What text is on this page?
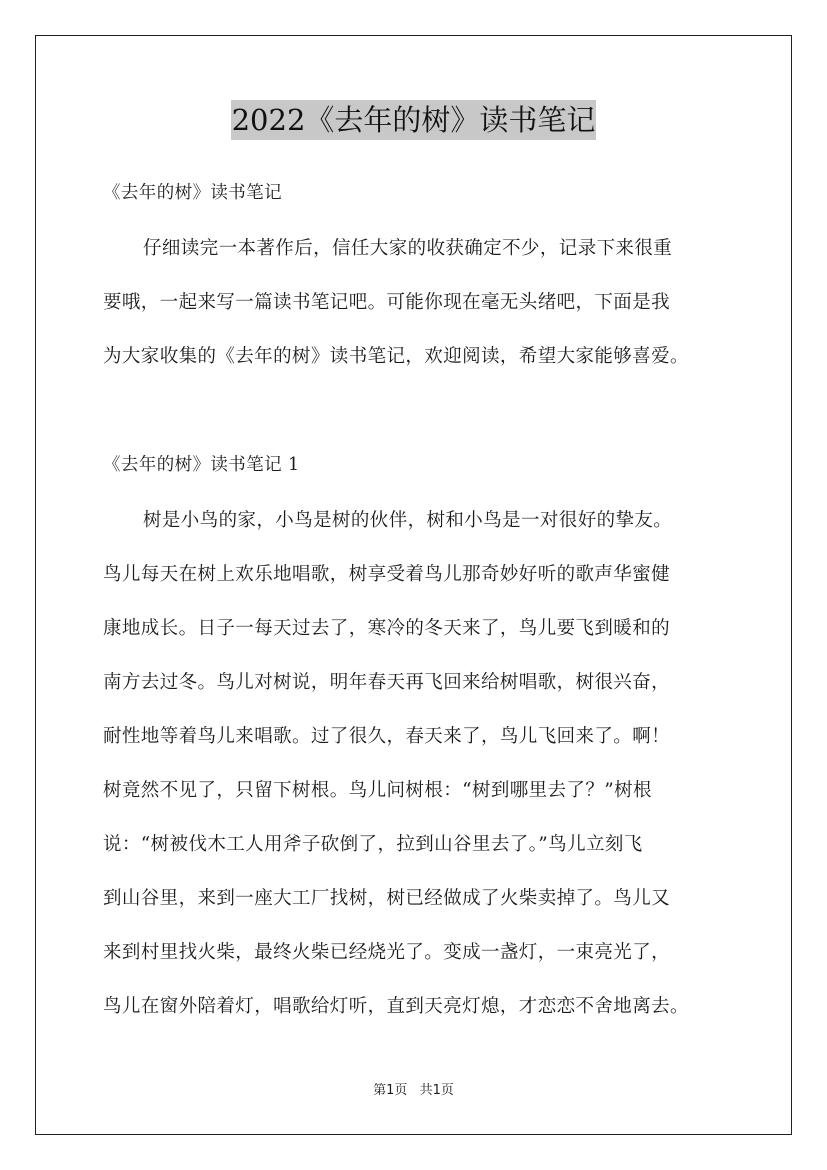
2022《去年的树》读书笔记
《去年的树》读书笔记
仔细读完一本著作后，信任大家的收获确定不少，记录下来很重
要哦，一起来写一篇读书笔记吧。可能你现在毫无头绪吧，下面是我
为大家收集的《去年的树》读书笔记，欢迎阅读，希望大家能够喜爱。
《去年的树》读书笔记 1
树是小鸟的家，小鸟是树的伙伴，树和小鸟是一对很好的挚友。
鸟儿每天在树上欢乐地唱歌，树享受着鸟儿那奇妙好听的歌声华蜜健
康地成长。日子一每天过去了，寒冷的冬天来了，鸟儿要飞到暖和的
南方去过冬。鸟儿对树说，明年春天再飞回来给树唱歌，树很兴奋，
耐性地等着鸟儿来唱歌。过了很久，春天来了，鸟儿飞回来了。啊！
树竟然不见了，只留下树根。鸟儿问树根：“树到哪里去了？”树根
说：“树被伐木工人用斧子砍倒了，拉到山谷里去了。”鸟儿立刻飞
到山谷里，来到一座大工厂找树，树已经做成了火柴卖掉了。鸟儿又
来到村里找火柴，最终火柴已经烧光了。变成一盏灯，一束亮光了，
鸟儿在窗外陪着灯，唱歌给灯听，直到天亮灯熄，才恋恋不舍地离去。
第1页 共1页
